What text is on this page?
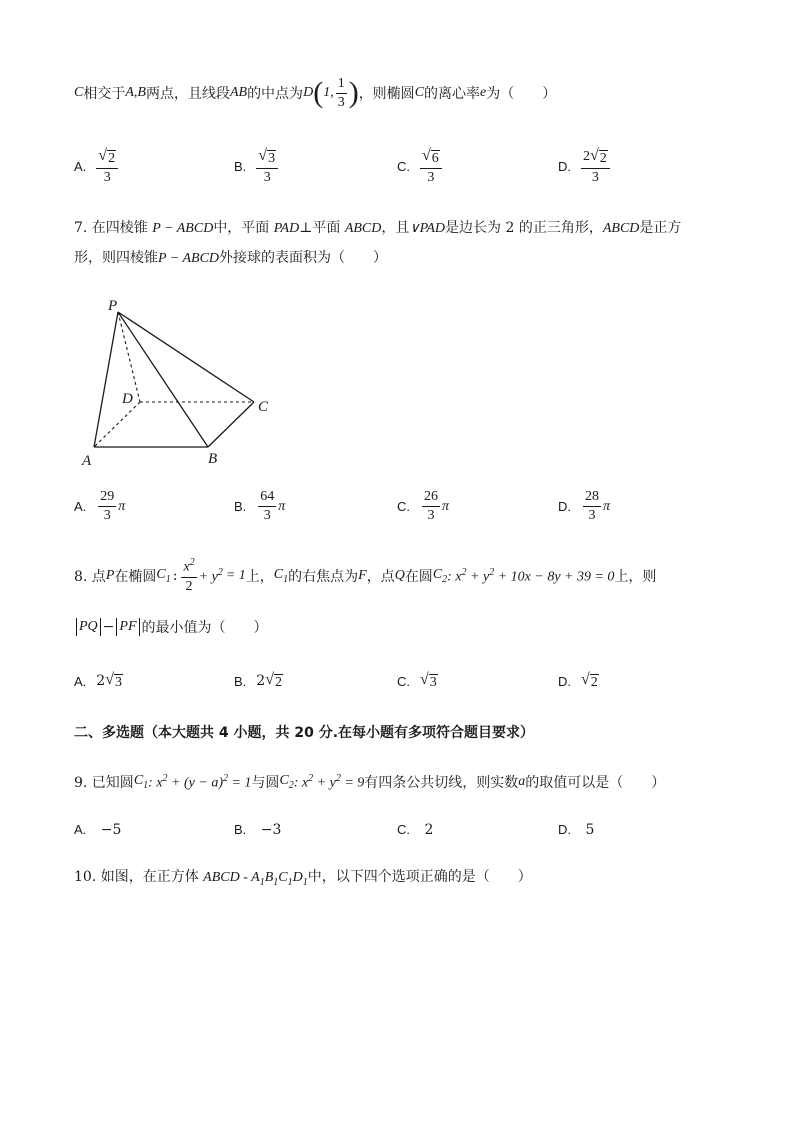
C 相交于 A,B 两点，且线段 AB 的中点为 D ( 1, $\frac{1}{3}$ ) ，则椭圆 C 的离心率 e 为（　　）
A. $\frac{√ 2}{3}$	B. $\frac{√ 3}{3}$	C. $\frac{√ 6}{3}$	D. $\frac{2 √ 2}{3}$
7. 在四棱锥 P − ABCD中，平面 PAD⊥平面 ABCD，且∨PAD是边长为 2 的正三角形，ABCD是正方
形，则四棱锥P − ABCD外接球的表面积为（　　）
P
D	C
A	B
A. $\frac{29}{3}$ π	B. $\frac{64}{3}$ π	C. $\frac{26}{3}$ π	D. $\frac{28}{3}$ π
8. 点 P 在椭圆 $C_1$ : $\frac{x^2}{2} + y^2 = 1$ 上， $C_1$ 的右焦点为 F ，点 Q 在圆 $C_2$ : $x^2 + y^2 + 10x - 8y + 39 = 0$ 上，则
PQ − PF 的最小值为（　　）
A. 2 √ 3	B. 2 √ 2	C. √ 3	D. √ 2
二、多选题（本大题共 4 小题，共 20 分.在每小题有多项符合题目要求）
9. 已知圆 $C_1$ : $x^2 + (y - a)^2 = 1$ 与圆 $C_2$ : $x^2 + y^2 = 9$ 有四条公共切线，则实数 a 的取值可以是（　　）
A. −5	B. −3	C. 2	D. 5
10. 如图，在正方体 ABCD - $A_1B_1C_1D_1$中，以下四个选项正确的是（　　）
